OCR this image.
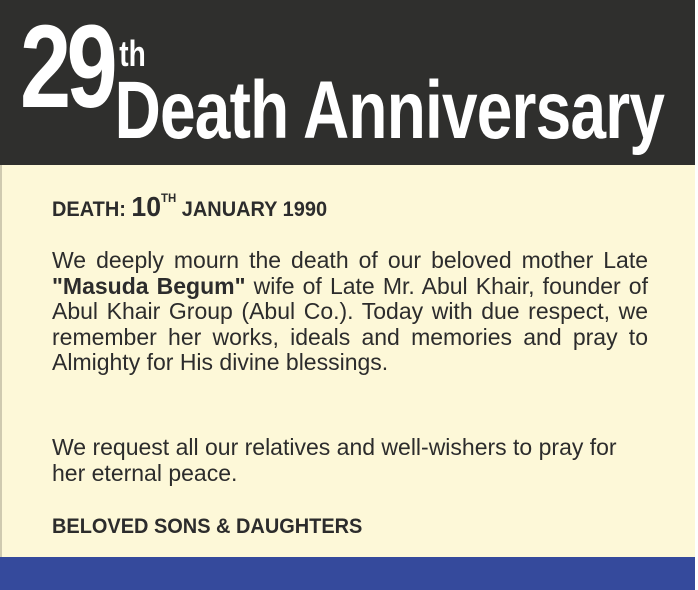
29 thDeath Anniversary
DEATH: 10TH JANUARY 1990

We deeply mourn the death of our beloved mother Late "Masuda Begum" wife of Late Mr. Abul Khair, founder of Abul Khair Group (Abul Co.). Today with due respect, we remember her works, ideals and memories and pray to Almighty for His divine blessings.

We request all our relatives and well-wishers to pray for her eternal peace.

BELOVED SONS & DAUGHTERS
